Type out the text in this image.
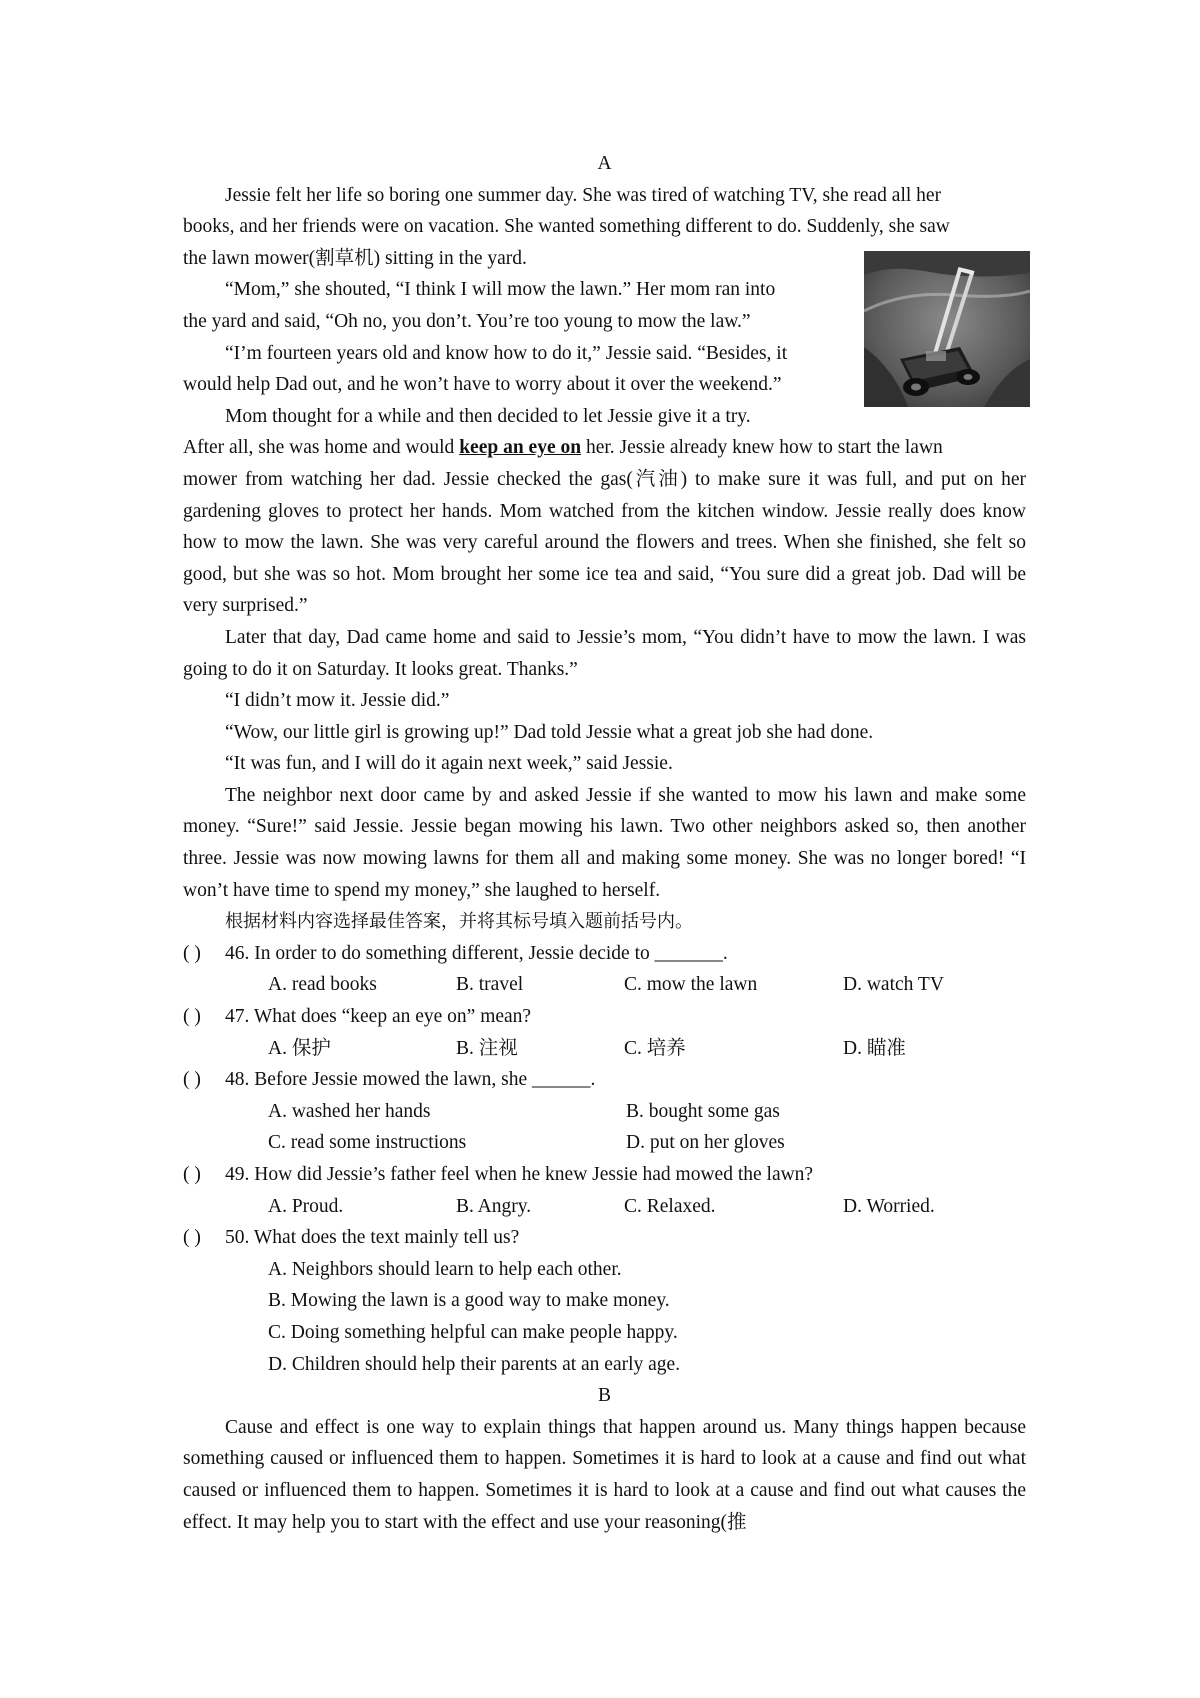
A

Jessie felt her life so boring one summer day. She was tired of watching TV, she read all her

books, and her friends were on vacation. She wanted something different to do. Suddenly, she saw

the lawn mower(割草机) sitting in the yard.

“Mom,” she shouted, “I think I will mow the lawn.” Her mom ran into

the yard and said, “Oh no, you don’t. You’re too young to mow the law.”

“I’m fourteen years old and know how to do it,” Jessie said. “Besides, it

would help Dad out, and he won’t have to worry about it over the weekend.”

Mom thought for a while and then decided to let Jessie give it a try.

After all, she was home and would keep an eye on her. Jessie already knew how to start the lawn

mower from watching her dad. Jessie checked the gas(汽油) to make sure it was full, and put on her gardening gloves to protect her hands. Mom watched from the kitchen window. Jessie really does know how to mow the lawn. She was very careful around the flowers and trees. When she finished, she felt so good, but she was so hot. Mom brought her some ice tea and said, “You sure did a great job. Dad will be very surprised.”

Later that day, Dad came home and said to Jessie’s mom, “You didn’t have to mow the lawn. I was going to do it on Saturday. It looks great. Thanks.”

“I didn’t mow it. Jessie did.”

“Wow, our little girl is growing up!” Dad told Jessie what a great job she had done.

“It was fun, and I will do it again next week,” said Jessie.

The neighbor next door came by and asked Jessie if she wanted to mow his lawn and make some money. “Sure!” said Jessie. Jessie began mowing his lawn. Two other neighbors asked so, then another three. Jessie was now mowing lawns for them all and making some money. She was no longer bored! “I won’t have time to spend my money,” she laughed to herself.

根据材料内容选择最佳答案，并将其标号填入题前括号内。

( )	46. In order to do something different, Jessie decide to _______.
A. read books	B. travel	C. mow the lawn	D. watch TV
( )	47. What does “keep an eye on” mean?
A. 保护	B. 注视	C. 培养	D. 瞄准
( )	48. Before Jessie mowed the lawn, she ______.
A. washed her hands	B. bought some gas
C. read some instructions	D. put on her gloves
( )	49. How did Jessie’s father feel when he knew Jessie had mowed the lawn?
A. Proud.	B. Angry.	C. Relaxed.	D. Worried.
( )	50. What does the text mainly tell us?
A. Neighbors should learn to help each other.
B. Mowing the lawn is a good way to make money.
C. Doing something helpful can make people happy.
D. Children should help their parents at an early age.
B

Cause and effect is one way to explain things that happen around us. Many things happen because something caused or influenced them to happen. Sometimes it is hard to look at a cause and find out what caused or influenced them to happen. Sometimes it is hard to look at a cause and find out what causes the effect. It may help you to start with the effect and use your reasoning(推
